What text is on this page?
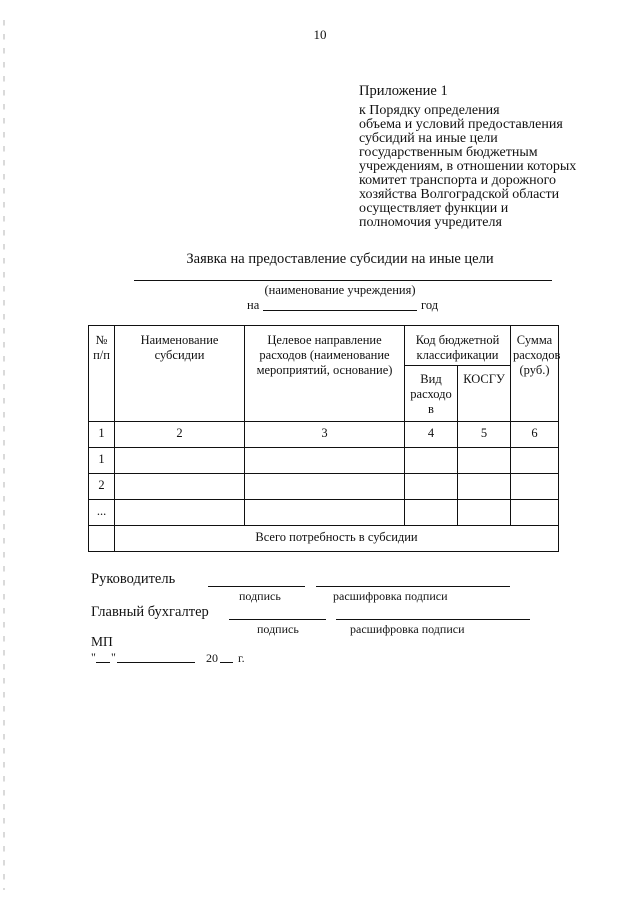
10
Приложение 1
к Порядку определения
объема и условий предоставления
субсидий на иные цели
государственным бюджетным
учреждениям, в отношении которых
комитет транспорта и дорожного
хозяйства Волгоградской области
осуществляет функции и
полномочия учредителя
Заявка на предоставление субсидии на иные цели
(наименование учреждения)
на	год
№ п/п	Наименование субсидии	Целевое направление расходов (наименование мероприятий, основание)	Код бюджетной классификации		Сумма расходов (руб.)
			Вид расходо в	КОСГУ	
1	2	3	4	5	6
1					
2					
...					
	Всего потребность в субсидии				
Руководитель
подпись	расшифровка подписи
Главный бухгалтер
подпись	расшифровка подписи
МП
" "	20 г.
